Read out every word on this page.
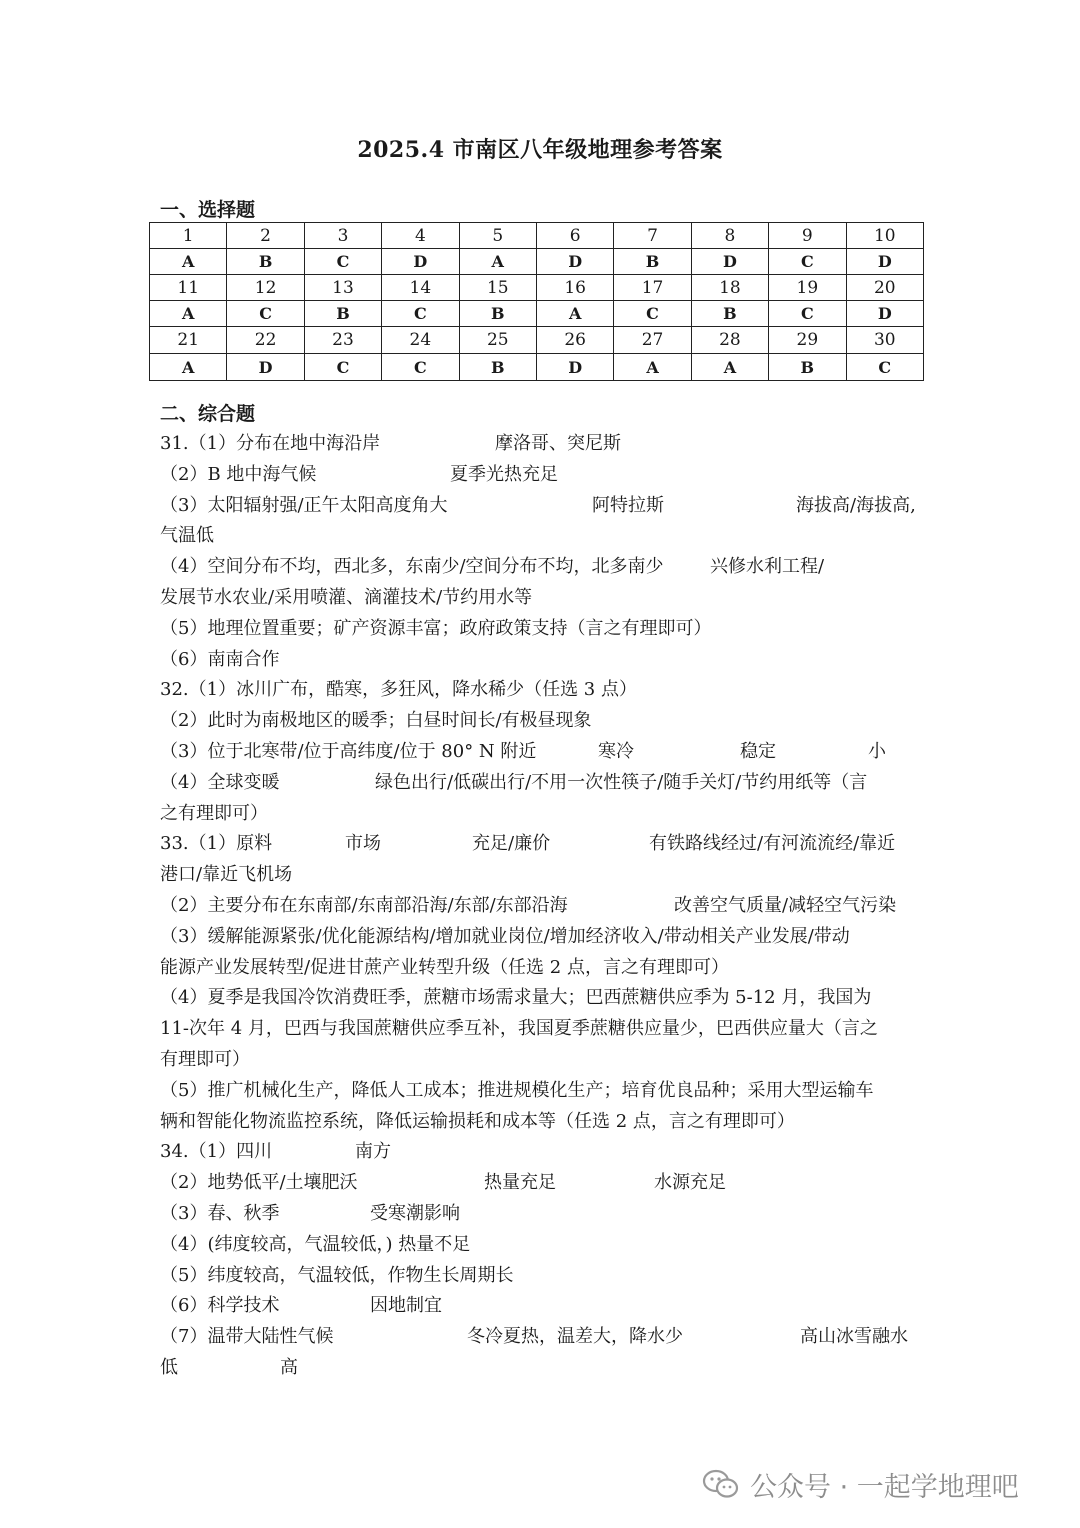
2025.4 市南区八年级地理参考答案
一、选择题
1	2	3	4	5	6	7	8	9	10
A	B	C	D	A	D	B	D	C	D
11	12	13	14	15	16	17	18	19	20
A	C	B	C	B	A	C	B	C	D
21	22	23	24	25	26	27	28	29	30
A	D	C	C	B	D	A	A	B	C
二、综合题
31.（1）分布在地中海沿岸	摩洛哥、突尼斯
（2）B 地中海气候	夏季光热充足
（3）太阳辐射强/正午太阳高度角大	阿特拉斯	海拔高/海拔高,
气温低
（4）空间分布不均，西北多，东南少/空间分布不均，北多南少	兴修水利工程/
发展节水农业/采用喷灌、滴灌技术/节约用水等
（5）地理位置重要；矿产资源丰富；政府政策支持（言之有理即可）
（6）南南合作
32.（1）冰川广布，酷寒，多狂风，降水稀少（任选 3 点）
（2）此时为南极地区的暖季；白昼时间长/有极昼现象
（3）位于北寒带/位于高纬度/位于 80° N 附近	寒冷	稳定	小
（4）全球变暖	绿色出行/低碳出行/不用一次性筷子/随手关灯/节约用纸等（言
之有理即可）
33.（1）原料	市场	充足/廉价	有铁路线经过/有河流流经/靠近
港口/靠近飞机场
（2）主要分布在东南部/东南部沿海/东部/东部沿海	改善空气质量/减轻空气污染
（3）缓解能源紧张/优化能源结构/增加就业岗位/增加经济收入/带动相关产业发展/带动
能源产业发展转型/促进甘蔗产业转型升级（任选 2 点，言之有理即可）
（4）夏季是我国冷饮消费旺季，蔗糖市场需求量大；巴西蔗糖供应季为 5-12 月，我国为
11-次年 4 月，巴西与我国蔗糖供应季互补，我国夏季蔗糖供应量少，巴西供应量大（言之
有理即可）
（5）推广机械化生产，降低人工成本；推进规模化生产；培育优良品种；采用大型运输车
辆和智能化物流监控系统，降低运输损耗和成本等（任选 2 点，言之有理即可）
34.（1）四川	南方
（2）地势低平/土壤肥沃	热量充足	水源充足
（3）春、秋季	受寒潮影响
（4）(纬度较高，气温较低，) 热量不足
（5）纬度较高，气温较低，作物生长周期长
（6）科学技术	因地制宜
（7）温带大陆性气候	冬冷夏热，温差大，降水少	高山冰雪融水
低	高
公众号 · 一起学地理吧
